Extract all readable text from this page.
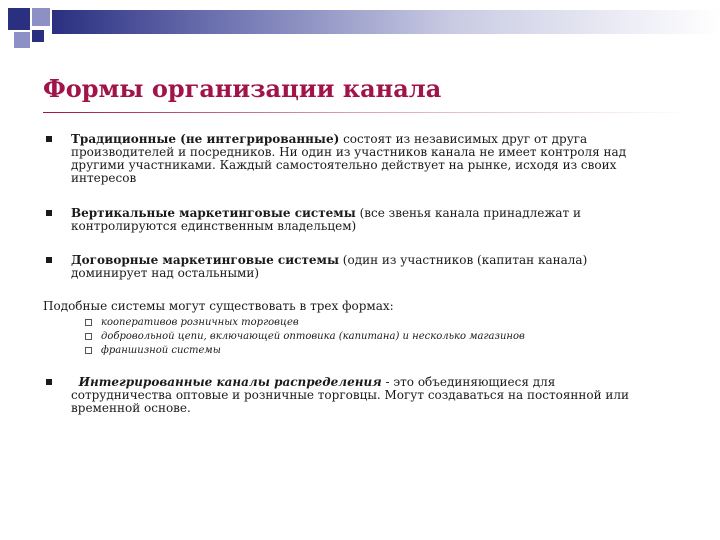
Формы организации канала
Традиционные (не интегрированные) состоят из независимых друг от друга производителей и посредников. Ни один из участников канала не имеет контроля над другими участниками. Каждый самостоятельно действует на рынке, исходя из своих интересов
Вертикальные маркетинговые системы (все звенья канала принадлежат и контролируются единственным владельцем)
Договорные маркетинговые системы (один из участников (капитан канала) доминирует над остальными)
Подобные системы могут существовать в трех формах:
кооперативов розничных торговцев
добровольной цепи, включающей оптовика (капитана) и несколько магазинов
франшизной системы
Интегрированные каналы распределения - это объединяющиеся для сотрудничества оптовые и розничные торговцы. Могут создаваться на постоянной или временной основе.
